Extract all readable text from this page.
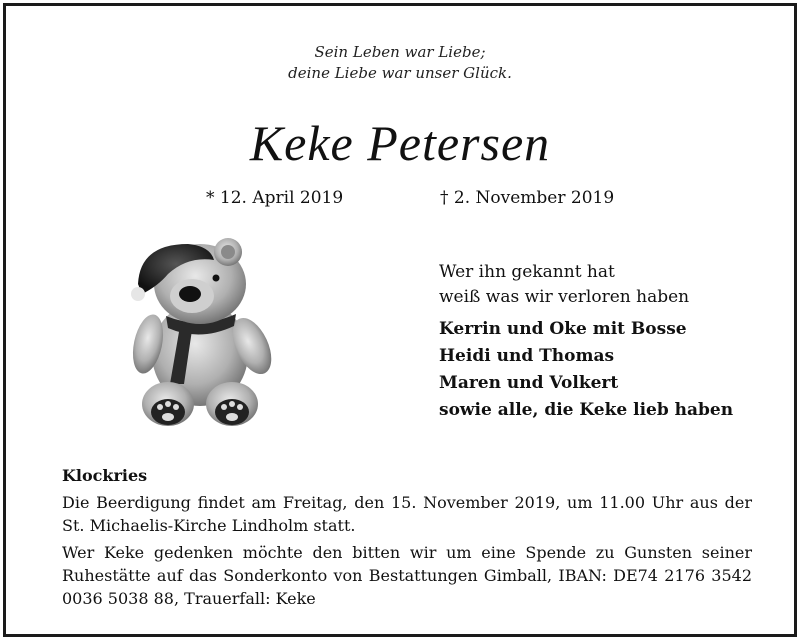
Sein Leben war Liebe;
deine Liebe war unser Glück.
Keke Petersen
* 12. April 2019	† 2. November 2019
Wer ihn gekannt hat
weiß was wir verloren haben
Kerrin und Oke mit Bosse
Heidi und Thomas
Maren und Volkert
sowie alle, die Keke lieb haben
Klockries
Die Beerdigung findet am Freitag, den 15. November 2019, um 11.00 Uhr aus der St. Michaelis-Kirche Lindholm statt.
Wer Keke gedenken möchte den bitten wir um eine Spende zu Gunsten seiner Ruhestätte auf das Sonderkonto von Bestattungen Gimball, IBAN: DE74 2176 3542 0036 5038 88, Trauerfall: Keke
